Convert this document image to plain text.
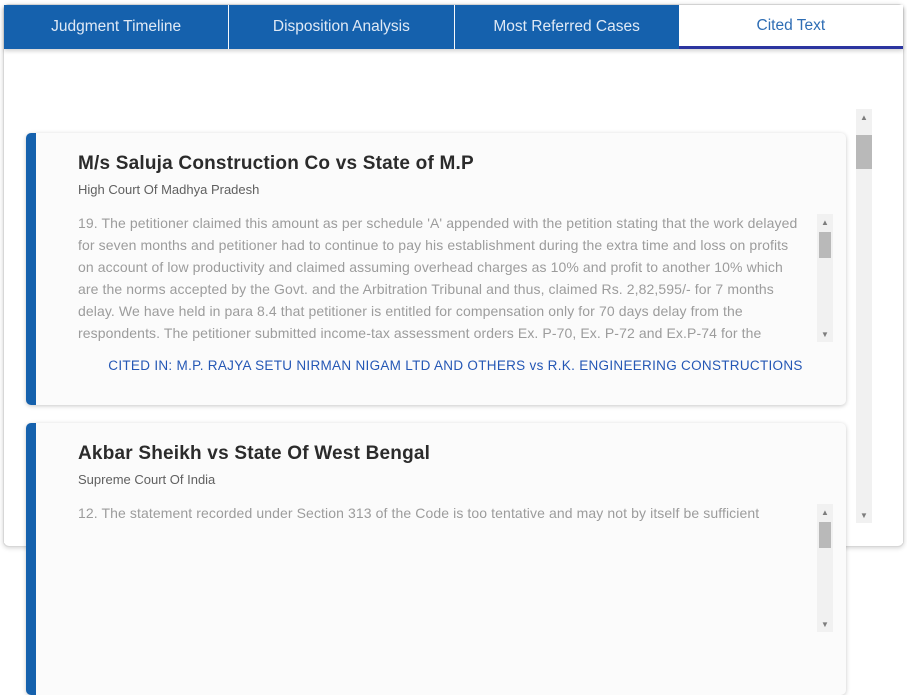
Judgment Timeline	Disposition Analysis	Most Referred Cases	Cited Text
M/s Saluja Construction Co vs State of M.P
High Court Of Madhya Pradesh
19. The petitioner claimed this amount as per schedule 'A' appended with the petition stating that the work delayed for seven months and petitioner had to continue to pay his establishment during the extra time and loss on profits on account of low productivity and claimed assuming overhead charges as 10% and profit to another 10% which are the norms accepted by the Govt. and the Arbitration Tribunal and thus, claimed Rs. 2,82,595/- for 7 months delay. We have held in para 8.4 that petitioner is entitled for compensation only for 70 days delay from the respondents. The petitioner submitted income-tax assessment orders Ex. P-70, Ex. P-72 and Ex.P-74 for the
▲
▼
CITED IN: M.P. RAJYA SETU NIRMAN NIGAM LTD AND OTHERS vs R.K. ENGINEERING CONSTRUCTIONS
Akbar Sheikh vs State Of West Bengal
Supreme Court Of India
12. The statement recorded under Section 313 of the Code is too tentative and may not by itself be sufficient	▲
▼
▲
▼
